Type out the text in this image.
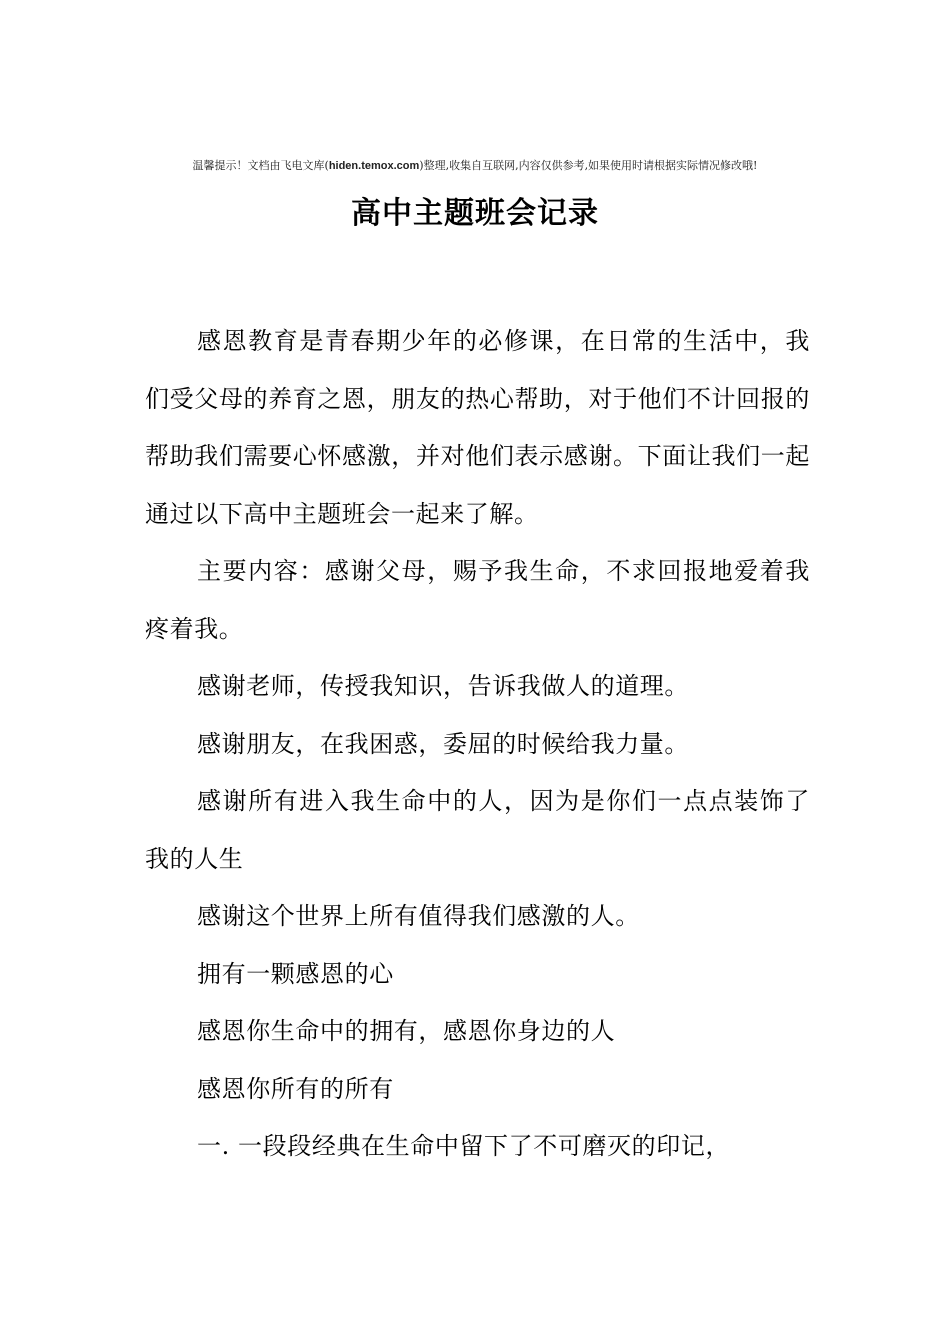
温馨提示！文档由飞电文库(hiden.temox.com)整理,收集自互联网,内容仅供参考,如果使用时请根据实际情况修改哦!
高中主题班会记录

感恩教育是青春期少年的必修课，在日常的生活中，我们受父母的养育之恩，朋友的热心帮助，对于他们不计回报的帮助我们需要心怀感激，并对他们表示感谢。下面让我们一起通过以下高中主题班会一起来了解。

主要内容：感谢父母，赐予我生命，不求回报地爱着我疼着我。

感谢老师，传授我知识，告诉我做人的道理。

感谢朋友，在我困惑，委屈的时候给我力量。

感谢所有进入我生命中的人，因为是你们一点点装饰了我的人生

感谢这个世界上所有值得我们感激的人。

拥有一颗感恩的心

感恩你生命中的拥有，感恩你身边的人

感恩你所有的所有

一. 一段段经典在生命中留下了不可磨灭的印记，
